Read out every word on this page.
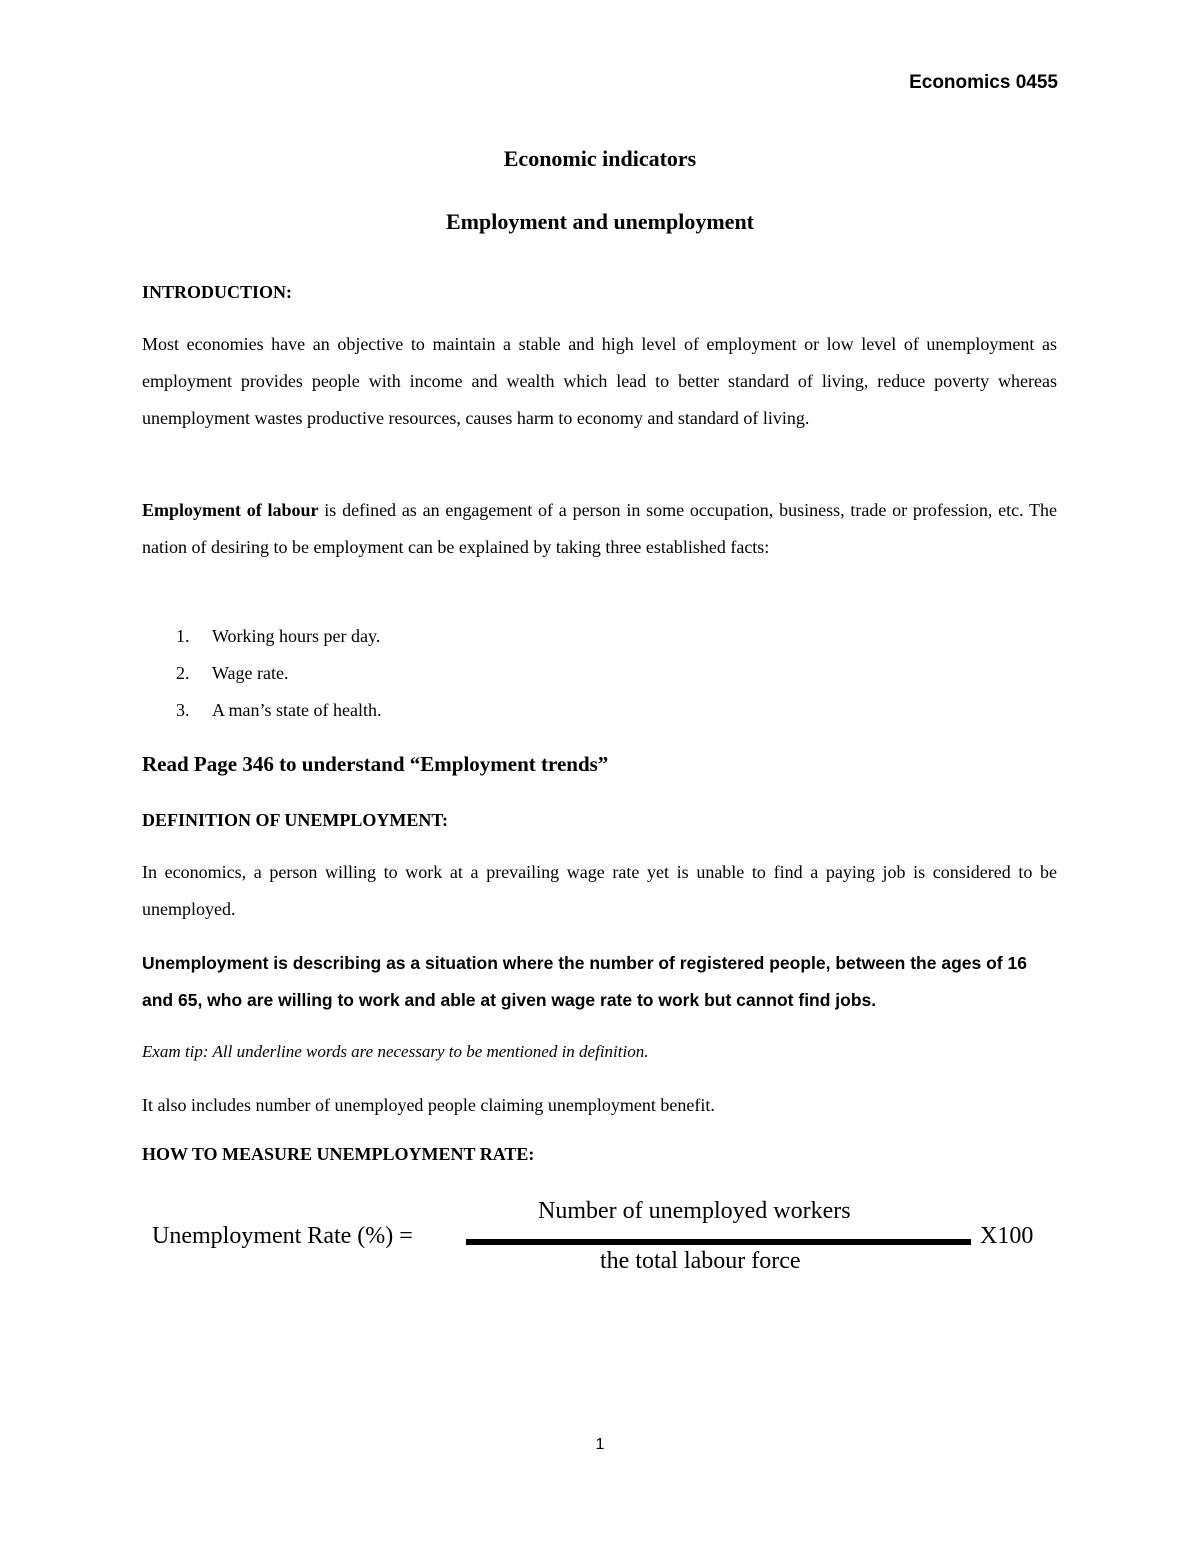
Economics 0455
Economic indicators
Employment and unemployment
INTRODUCTION:
Most economies have an objective to maintain a stable and high level of employment or low level of unemployment as employment provides people with income and wealth which lead to better standard of living, reduce poverty whereas unemployment wastes productive resources, causes harm to economy and standard of living.
Employment of labour is defined as an engagement of a person in some occupation, business, trade or profession, etc. The nation of desiring to be employment can be explained by taking three established facts:
1.	Working hours per day.
2.	Wage rate.
3.	A man’s state of health.
Read Page 346 to understand “Employment trends”
DEFINITION OF UNEMPLOYMENT:
In economics, a person willing to work at a prevailing wage rate yet is unable to find a paying job is considered to be unemployed.
Unemployment is describing as a situation where the number of registered people, between the ages of 16 and 65, who are willing to work and able at given wage rate to work but cannot find jobs.
Exam tip: All underline words are necessary to be mentioned in definition.
It also includes number of unemployed people claiming unemployment benefit.
HOW TO MEASURE UNEMPLOYMENT RATE:
Unemployment Rate (%) =
Number of unemployed workers
the total labour force
X100
1
